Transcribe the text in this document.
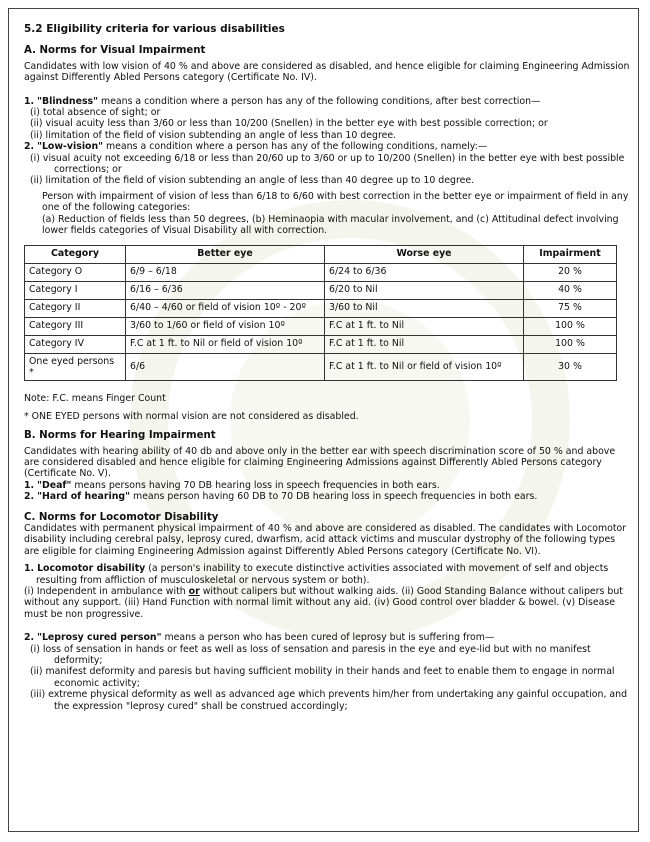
5.2 Eligibility criteria for various disabilities
A. Norms for Visual Impairment

Candidates with low vision of 40 % and above are considered as disabled, and hence eligible for claiming Engineering Admission against Differently Abled Persons category (Certificate No. IV).

1. "Blindness" means a condition where a person has any of the following conditions, after best correction—

(i) total absence of sight; or

(ii) visual acuity less than 3/60 or less than 10/200 (Snellen) in the better eye with best possible correction; or

(ii) limitation of the field of vision subtending an angle of less than 10 degree.

2. "Low-vision" means a condition where a person has any of the following conditions, namely:—

(i) visual acuity not exceeding 6/18 or less than 20/60 up to 3/60 or up to 10/200 (Snellen) in the better eye with best possible corrections; or

(ii) limitation of the field of vision subtending an angle of less than 40 degree up to 10 degree.

Person with impairment of vision of less than 6/18 to 6/60 with best correction in the better eye or impairment of field in any one of the following categories:
(a) Reduction of fields less than 50 degrees, (b) Heminaopia with macular involvement, and (c) Attitudinal defect involving lower fields categories of Visual Disability all with correction.
Category	Better eye	Worse eye	Impairment
Category O	6/9 – 6/18	6/24 to 6/36	20 %
Category I	6/16 – 6/36	6/20 to Nil	40 %
Category II	6/40 – 4/60 or field of vision 10º - 20º	3/60 to Nil	75 %
Category III	3/60 to 1/60 or field of vision 10º	F.C at 1 ft. to Nil	100 %
Category IV	F.C at 1 ft. to Nil or field of vision 10º	F.C at 1 ft. to Nil	100 %
One eyed persons *	6/6	F.C at 1 ft. to Nil or field of vision 10º	30 %

Note: F.C. means Finger Count

* ONE EYED persons with normal vision are not considered as disabled.

B. Norms for Hearing Impairment

Candidates with hearing ability of 40 db and above only in the better ear with speech discrimination score of 50 % and above are considered disabled and hence eligible for claiming Engineering Admissions against Differently Abled Persons category (Certificate No. V).

1. "Deaf" means persons having 70 DB hearing loss in speech frequencies in both ears.

2. "Hard of hearing" means person having 60 DB to 70 DB hearing loss in speech frequencies in both ears.

C. Norms for Locomotor Disability

Candidates with permanent physical impairment of 40 % and above are considered as disabled. The candidates with Locomotor disability including cerebral palsy, leprosy cured, dwarfism, acid attack victims and muscular dystrophy of the following types are eligible for claiming Engineering Admission against Differently Abled Persons category (Certificate No. VI).

1. Locomotor disability (a person's inability to execute distinctive activities associated with movement of self and objects resulting from affliction of musculoskeletal or nervous system or both).

(i) Independent in ambulance with or without calipers but without walking aids. (ii) Good Standing Balance without calipers but without any support. (iii) Hand Function with normal limit without any aid. (iv) Good control over bladder & bowel. (v) Disease must be non progressive.

2. "Leprosy cured person" means a person who has been cured of leprosy but is suffering from—

(i) loss of sensation in hands or feet as well as loss of sensation and paresis in the eye and eye-lid but with no manifest deformity;

(ii) manifest deformity and paresis but having sufficient mobility in their hands and feet to enable them to engage in normal economic activity;

(iii) extreme physical deformity as well as advanced age which prevents him/her from undertaking any gainful occupation, and the expression "leprosy cured" shall be construed accordingly;
